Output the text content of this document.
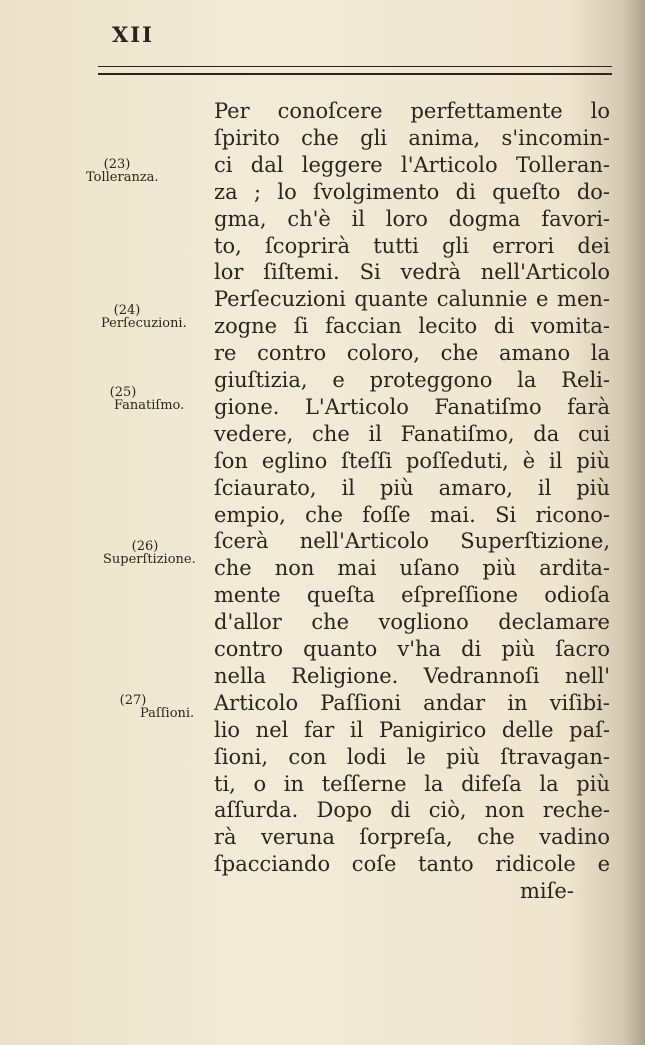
XII
Per conoſcere perfettamente lo
ſpirito che gli anima, s'incomin-
ci dal leggere l'Articolo Tolleran-
za ; lo ſvolgimento di queſto do-
gma, ch'è il loro dogma favori-
to, ſcoprirà tutti gli errori dei
lor ſiſtemi. Si vedrà nell'Articolo
Perſecuzioni quante calunnie e men-
zogne ſi faccian lecito di vomita-
re contro coloro, che amano la
giuſtizia, e proteggono la Reli-
gione. L'Articolo Fanatiſmo farà
vedere, che il Fanatiſmo, da cui
ſon eglino ſteſſi poſſeduti, è il più
ſciaurato, il più amaro, il più
empio, che foſſe mai. Si ricono-
ſcerà nell'Articolo Superſtizione,
che non mai uſano più ardita-
mente queſta eſpreſſione odioſa
d'allor che vogliono declamare
contro quanto v'ha di più ſacro
nella Religione. Vedrannoſi nell'
Articolo Paſſioni andar in viſibi-
lio nel far il Panigirico delle paſ-
ſioni, con lodi le più ſtravagan-
ti, o in teſſerne la difeſa la più
aſſurda. Dopo di ciò, non reche-
rà veruna ſorpreſa, che vadino
ſpacciando coſe tanto ridicole e
miſe-
(23)
Tolleranza.
(24)
Perſecuzioni.
(25)
Fanatiſmo.
(26)
Superſtizione.
(27)
Paſſioni.
